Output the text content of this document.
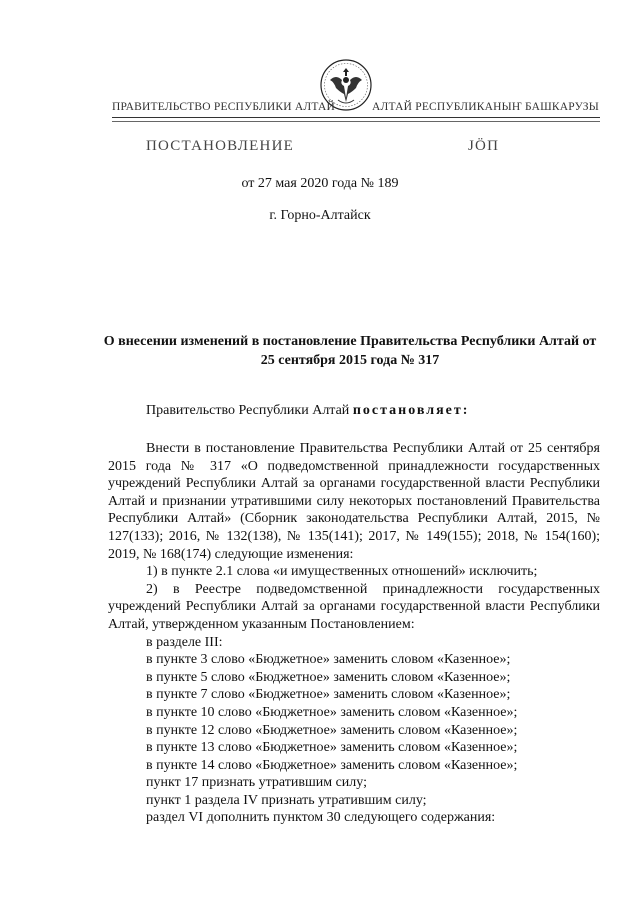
ПРАВИТЕЛЬСТВО РЕСПУБЛИКИ АЛТАЙ	АЛТАЙ РЕСПУБЛИКАНЫҤ БАШКАРУЗЫ
ПОСТАНОВЛЕНИЕ	ЈÖП
от 27 мая 2020 года № 189
г. Горно-Алтайск
О внесении изменений в постановление Правительства Республики Алтай от 25 сентября 2015 года № 317
Правительство Республики Алтай постановляет:

Внести в постановление Правительства Республики Алтай от 25 сентября 2015 года № 317 «О подведомственной принадлежности государственных учреждений Республики Алтай за органами государственной власти Республики Алтай и признании утратившими силу некоторых постановлений Правительства Республики Алтай» (Сборник законодательства Республики Алтай, 2015, № 127(133); 2016, № 132(138), № 135(141); 2017, № 149(155); 2018, № 154(160); 2019, № 168(174) следующие изменения:

1) в пункте 2.1 слова «и имущественных отношений» исключить;

2) в Реестре подведомственной принадлежности государственных учреждений Республики Алтай за органами государственной власти Республики Алтай, утвержденном указанным Постановлением:

в разделе III:

в пункте 3 слово «Бюджетное» заменить словом «Казенное»;

в пункте 5 слово «Бюджетное» заменить словом «Казенное»;

в пункте 7 слово «Бюджетное» заменить словом «Казенное»;

в пункте 10 слово «Бюджетное» заменить словом «Казенное»;

в пункте 12 слово «Бюджетное» заменить словом «Казенное»;

в пункте 13 слово «Бюджетное» заменить словом «Казенное»;

в пункте 14 слово «Бюджетное» заменить словом «Казенное»;

пункт 17 признать утратившим силу;

пункт 1 раздела IV признать утратившим силу;

раздел VI дополнить пунктом 30 следующего содержания:
